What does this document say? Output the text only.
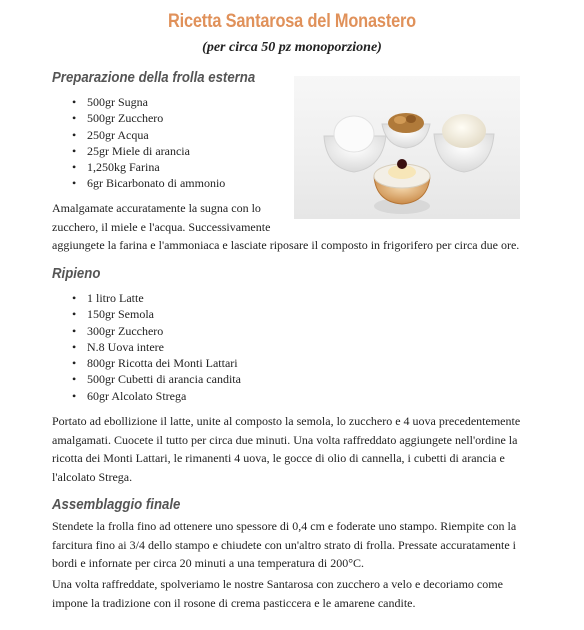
Ricetta Santarosa del Monastero
(per circa 50 pz monoporzione)
Preparazione della frolla esterna
• 500gr Sugna
• 500gr Zucchero
• 250gr Acqua
• 25gr Miele di arancia
• 1,250kg Farina
• 6gr Bicarbonato di ammonio
Amalgamate accuratamente la sugna con lo
zucchero, il miele e l'acqua. Successivamente
aggiungete la farina e l'ammoniaca e lasciate riposare il composto in frigorifero per circa due ore.
Ripieno
• 1 litro Latte
• 150gr Semola
• 300gr Zucchero
• N.8 Uova intere
• 800gr Ricotta dei Monti Lattari
• 500gr Cubetti di arancia candita
• 60gr Alcolato Strega
Portato ad ebollizione il latte, unite al composto la semola, lo zucchero e 4 uova precedentemente
amalgamati. Cuocete il tutto per circa due minuti. Una volta raffreddato aggiungete nell'ordine la
ricotta dei Monti Lattari, le rimanenti 4 uova, le gocce di olio di cannella, i cubetti di arancia e
l'alcolato Strega.
Assemblaggio finale
Stendete la frolla fino ad ottenere uno spessore di 0,4 cm e foderate uno stampo. Riempite con la
farcitura fino ai 3/4 dello stampo e chiudete con un'altro strato di frolla. Pressate accuratamente i
bordi e infornate per circa 20 minuti a una temperatura di 200°C.
Una volta raffreddate, spolveriamo le nostre Santarosa con zucchero a velo e decoriamo come
impone la tradizione con il rosone di crema pasticcera e le amarene candite.
